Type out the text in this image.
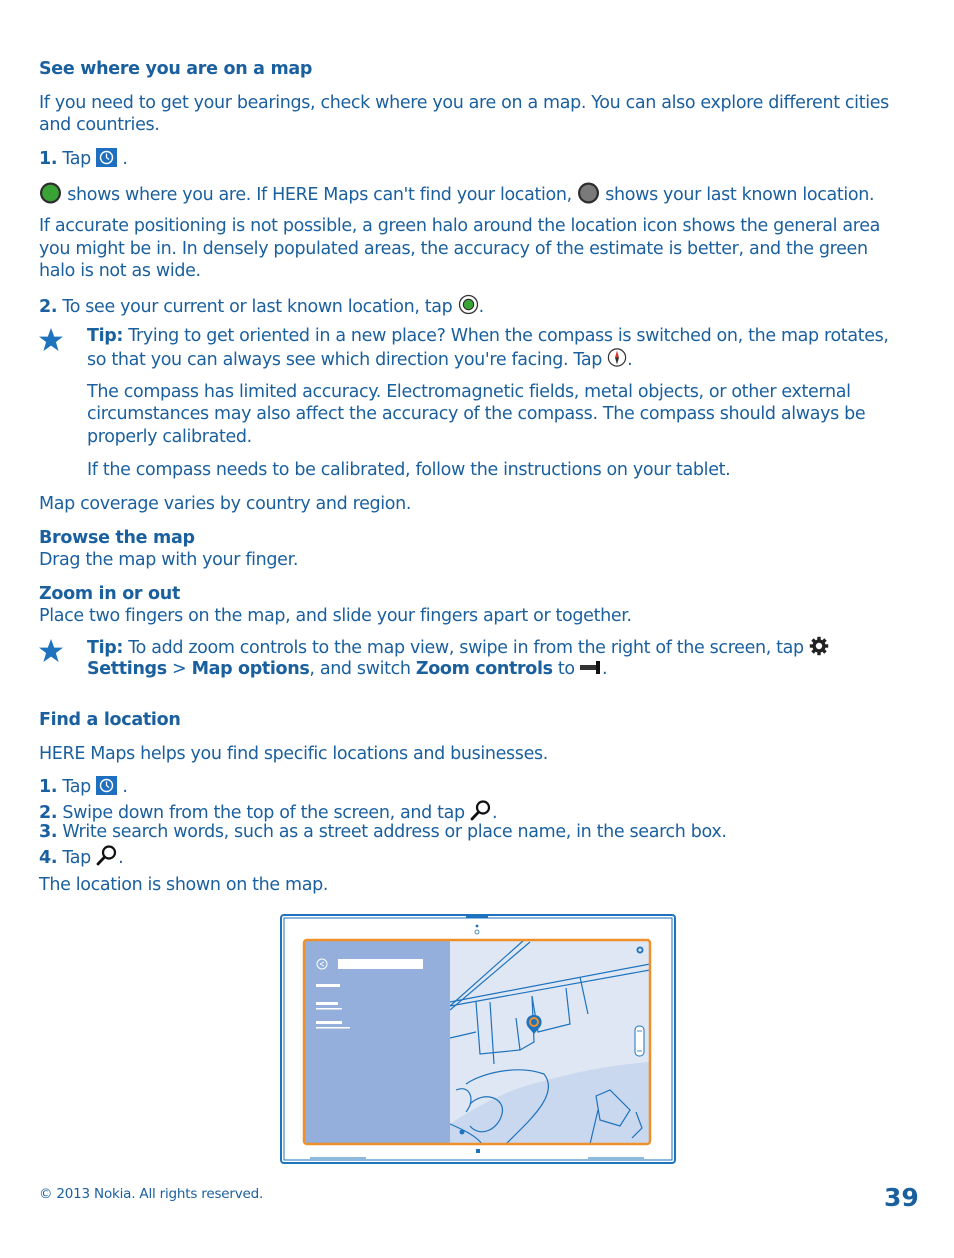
See where you are on a map
If you need to get your bearings, check where you are on a map. You can also explore different cities
and countries.
1. Tap .
shows where you are. If HERE Maps can't find your location, shows your last known location.
If accurate positioning is not possible, a green halo around the location icon shows the general area
you might be in. In densely populated areas, the accuracy of the estimate is better, and the green
halo is not as wide.
2. To see your current or last known location, tap .
Tip: Trying to get oriented in a new place? When the compass is switched on, the map rotates,
so that you can always see which direction you're facing. Tap .
The compass has limited accuracy. Electromagnetic fields, metal objects, or other external
circumstances may also affect the accuracy of the compass. The compass should always be
properly calibrated.
If the compass needs to be calibrated, follow the instructions on your tablet.
Map coverage varies by country and region.
Browse the map
Drag the map with your finger.
Zoom in or out
Place two fingers on the map, and slide your fingers apart or together.
Tip: To add zoom controls to the map view, swipe in from the right of the screen, tap
Settings > Map options, and switch Zoom controls to .
Find a location
HERE Maps helps you find specific locations and businesses.
1. Tap .
2. Swipe down from the top of the screen, and tap .
3. Write search words, such as a street address or place name, in the search box.
4. Tap .
The location is shown on the map.
© 2013 Nokia. All rights reserved.	39
